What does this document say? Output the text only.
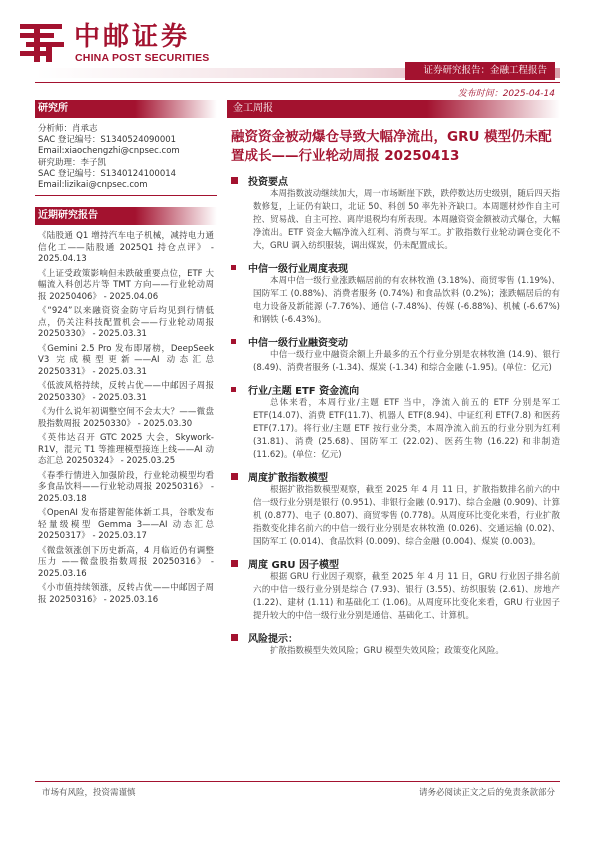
中邮证券
CHINA POST SECURITIES
证券研究报告：金融工程报告
发布时间：2025-04-14
研究所
分析师：肖承志
SAC 登记编号：S1340524090001
Email:xiaochengzhi@cnpsec.com
研究助理：李子凯
SAC 登记编号：S1340124100014
Email:lizikai@cnpsec.com
近期研究报告
《陆股通 Q1 增持汽车电子机械，减持电力通信化工——陆股通 2025Q1 持仓点评》 - 2025.04.13
《上证受政策影响但未跌破重要点位，ETF 大幅流入科创芯片等 TMT 方向——行业轮动周报 20250406》 - 2025.04.06
《“924”以来融资资金防守后均见到行情低点，仍关注科技配置机会——行业轮动周报 20250330》 - 2025.03.31
《Gemini 2.5 Pro 发布即屠榜，DeepSeek V3 完成模型更新——AI 动态汇总 20250331》 - 2025.03.31
《低波风格持续，反转占优——中邮因子周报 20250330》 - 2025.03.31
《为什么说年初调整空间不会太大？——微盘股指数周报 20250330》 - 2025.03.30
《英伟达召开 GTC 2025 大会，Skywork-R1V，混元 T1 等推理模型接连上线——AI 动态汇总 20250324》 - 2025.03.25
《春季行情进入加强阶段，行业轮动模型均看多食品饮料——行业轮动周报 20250316》 - 2025.03.18
《OpenAI 发布搭建智能体新工具，谷歌发布轻量级模型 Gemma 3——AI 动态汇总 20250317》 - 2025.03.17
《微盘领涨创下历史新高，4 月临近仍有调整压力 ——微盘股指数周报 20250316》 - 2025.03.16
《小市值持续领涨，反转占优——中邮因子周报 20250316》 - 2025.03.16
金工周报
融资资金被动爆仓导致大幅净流出，GRU 模型仍未配置成长——行业轮动周报 20250413
投资要点
本周指数波动继续加大，周一市场断崖下跌，跌停数达历史级别，随后四天指数修复，上证仍有缺口，北证 50、科创 50 率先补齐缺口。本周题材炒作自主可控、贸易战、自主可控、离岸退税均有所表现。本周融资资金额被动式爆仓，大幅净流出。ETF 资金大幅净流入红利、消费与军工。扩散指数行业轮动调仓变化不大，GRU 调入纺织服装，调出煤炭，仍未配置成长。
中信一级行业周度表现
本周中信一级行业涨跌幅居前的有农林牧渔 (3.18%)、商贸零售 (1.19%)、国防军工 (0.88%)、消费者服务 (0.74%) 和食品饮料 (0.2%)；涨跌幅居后的有电力设备及新能源 (-7.76%)、通信 (-7.48%)、传媒 (-6.88%)、机械 (-6.67%) 和钢铁 (-6.43%)。
中信一级行业融资变动
中信一级行业中融资余额上升最多的五个行业分别是农林牧渔 (14.9)、银行 (8.49)、消费者服务 (-1.34)、煤炭 (-1.34) 和综合金融 (-1.95)。(单位：亿元)
行业/主题 ETF 资金流向
总体来看，本周行业/主题 ETF 当中，净流入前五的 ETF 分别是军工 ETF(14.07)、消费 ETF(11.7)、机器人 ETF(8.94)、中证红利 ETF(7.8) 和医药 ETF(7.17)。将行业/主题 ETF 按行业分类，本周净流入前五的行业分别为红利 (31.81)、消费 (25.68)、国防军工 (22.02)、医药生物 (16.22) 和非制造 (11.62)。(单位：亿元)
周度扩散指数模型
根据扩散指数模型观察，截至 2025 年 4 月 11 日，扩散指数排名前六的中信一级行业分别是银行 (0.951)、非银行金融 (0.917)、综合金融 (0.909)、计算机 (0.877)、电子 (0.807)、商贸零售 (0.778)。从周度环比变化来看，行业扩散指数变化排名前六的中信一级行业分别是农林牧渔 (0.026)、交通运输 (0.02)、国防军工 (0.014)、食品饮料 (0.009)、综合金融 (0.004)、煤炭 (0.003)。
周度 GRU 因子模型
根据 GRU 行业因子观察，截至 2025 年 4 月 11 日，GRU 行业因子排名前六的中信一级行业分别是综合 (7.93)、银行 (3.55)、纺织服装 (2.61)、房地产 (1.22)、建材 (1.11) 和基础化工 (1.06)。从周度环比变化来看，GRU 行业因子提升较大的中信一级行业分别是通信、基础化工、计算机。
风险提示：
扩散指数模型失效风险；GRU 模型失效风险；政策变化风险。
市场有风险，投资需谨慎	请务必阅读正文之后的免责条款部分
